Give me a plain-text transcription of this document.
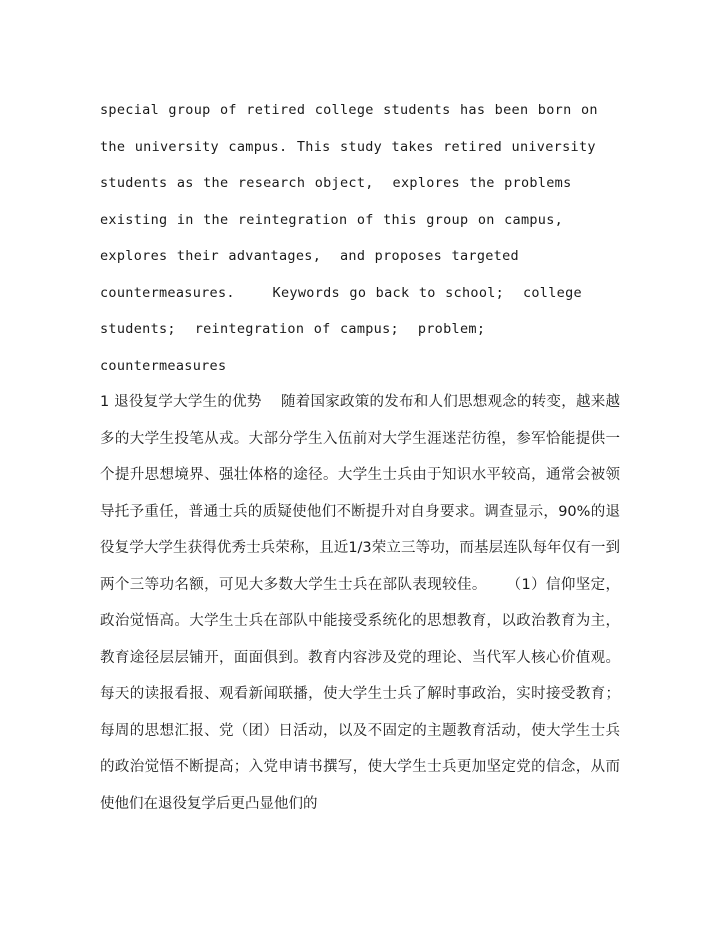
special group of retired college students has been born on the university campus. This study takes retired university students as the research object,  explores the problems existing in the reintegration of this group on campus, explores their advantages,  and proposes targeted countermeasures.    Keywords go back to school;  college students;  reintegration of campus;  problem;  countermeasures

1 退役复学大学生的优势    随着国家政策的发布和人们思想观念的转变，越来越多的大学生投笔从戎。大部分学生入伍前对大学生涯迷茫彷徨，参军恰能提供一个提升思想境界、强壮体格的途径。大学生士兵由于知识水平较高，通常会被领导托予重任，普通士兵的质疑使他们不断提升对自身要求。调查显示，90%的退役复学大学生获得优秀士兵荣称，且近1/3荣立三等功，而基层连队每年仅有一到两个三等功名额，可见大多数大学生士兵在部队表现较佳。    （1）信仰坚定，政治觉悟高。大学生士兵在部队中能接受系统化的思想教育，以政治教育为主，教育途径层层铺开，面面俱到。教育内容涉及党的理论、当代军人核心价值观。每天的读报看报、观看新闻联播，使大学生士兵了解时事政治，实时接受教育；每周的思想汇报、党（团）日活动，以及不固定的主题教育活动，使大学生士兵的政治觉悟不断提高；入党申请书撰写，使大学生士兵更加坚定党的信念，从而使他们在退役复学后更凸显他们的
